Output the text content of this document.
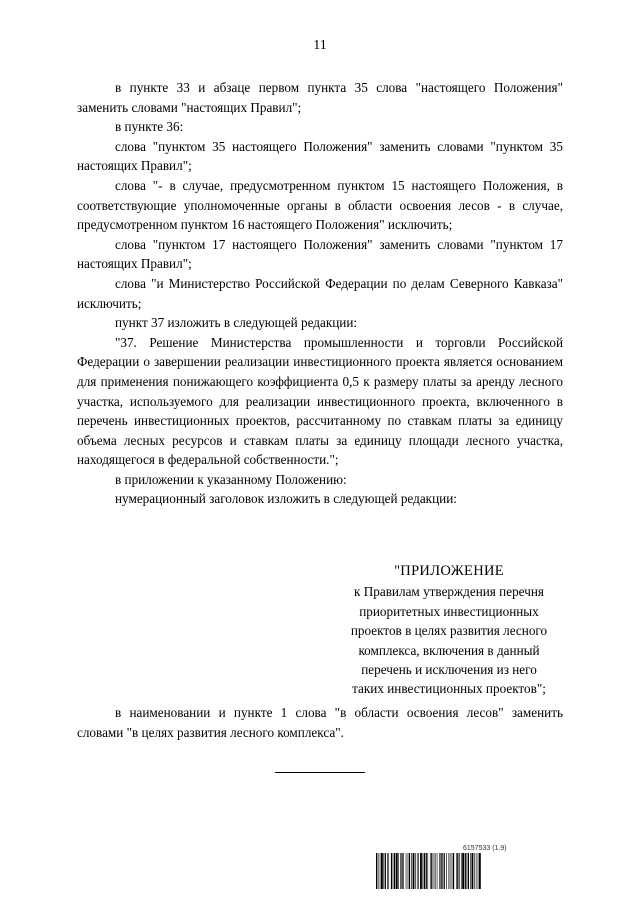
11

в пункте 33 и абзаце первом пункта 35 слова "настоящего Положения" заменить словами "настоящих Правил";

в пункте 36:

слова "пунктом 35 настоящего Положения" заменить словами "пунктом 35 настоящих Правил";

слова "- в случае, предусмотренном пунктом 15 настоящего Положения, в соответствующие уполномоченные органы в области освоения лесов - в случае, предусмотренном пунктом 16 настоящего Положения" исключить;

слова "пунктом 17 настоящего Положения" заменить словами "пунктом 17 настоящих Правил";

слова "и Министерство Российской Федерации по делам Северного Кавказа" исключить;

пункт 37 изложить в следующей редакции:

"37. Решение Министерства промышленности и торговли Российской Федерации о завершении реализации инвестиционного проекта является основанием для применения понижающего коэффициента 0,5 к размеру платы за аренду лесного участка, используемого для реализации инвестиционного проекта, включенного в перечень инвестиционных проектов, рассчитанному по ставкам платы за единицу объема лесных ресурсов и ставкам платы за единицу площади лесного участка, находящегося в федеральной собственности.";

в приложении к указанному Положению:

нумерационный заголовок изложить в следующей редакции:

"ПРИЛОЖЕНИЕ
к Правилам утверждения перечня
приоритетных инвестиционных
проектов в целях развития лесного
комплекса, включения в данный
перечень и исключения из него
таких инвестиционных проектов";

в наименовании и пункте 1 слова "в области освоения лесов" заменить словами "в целях развития лесного комплекса".

6157533 (1.9)
